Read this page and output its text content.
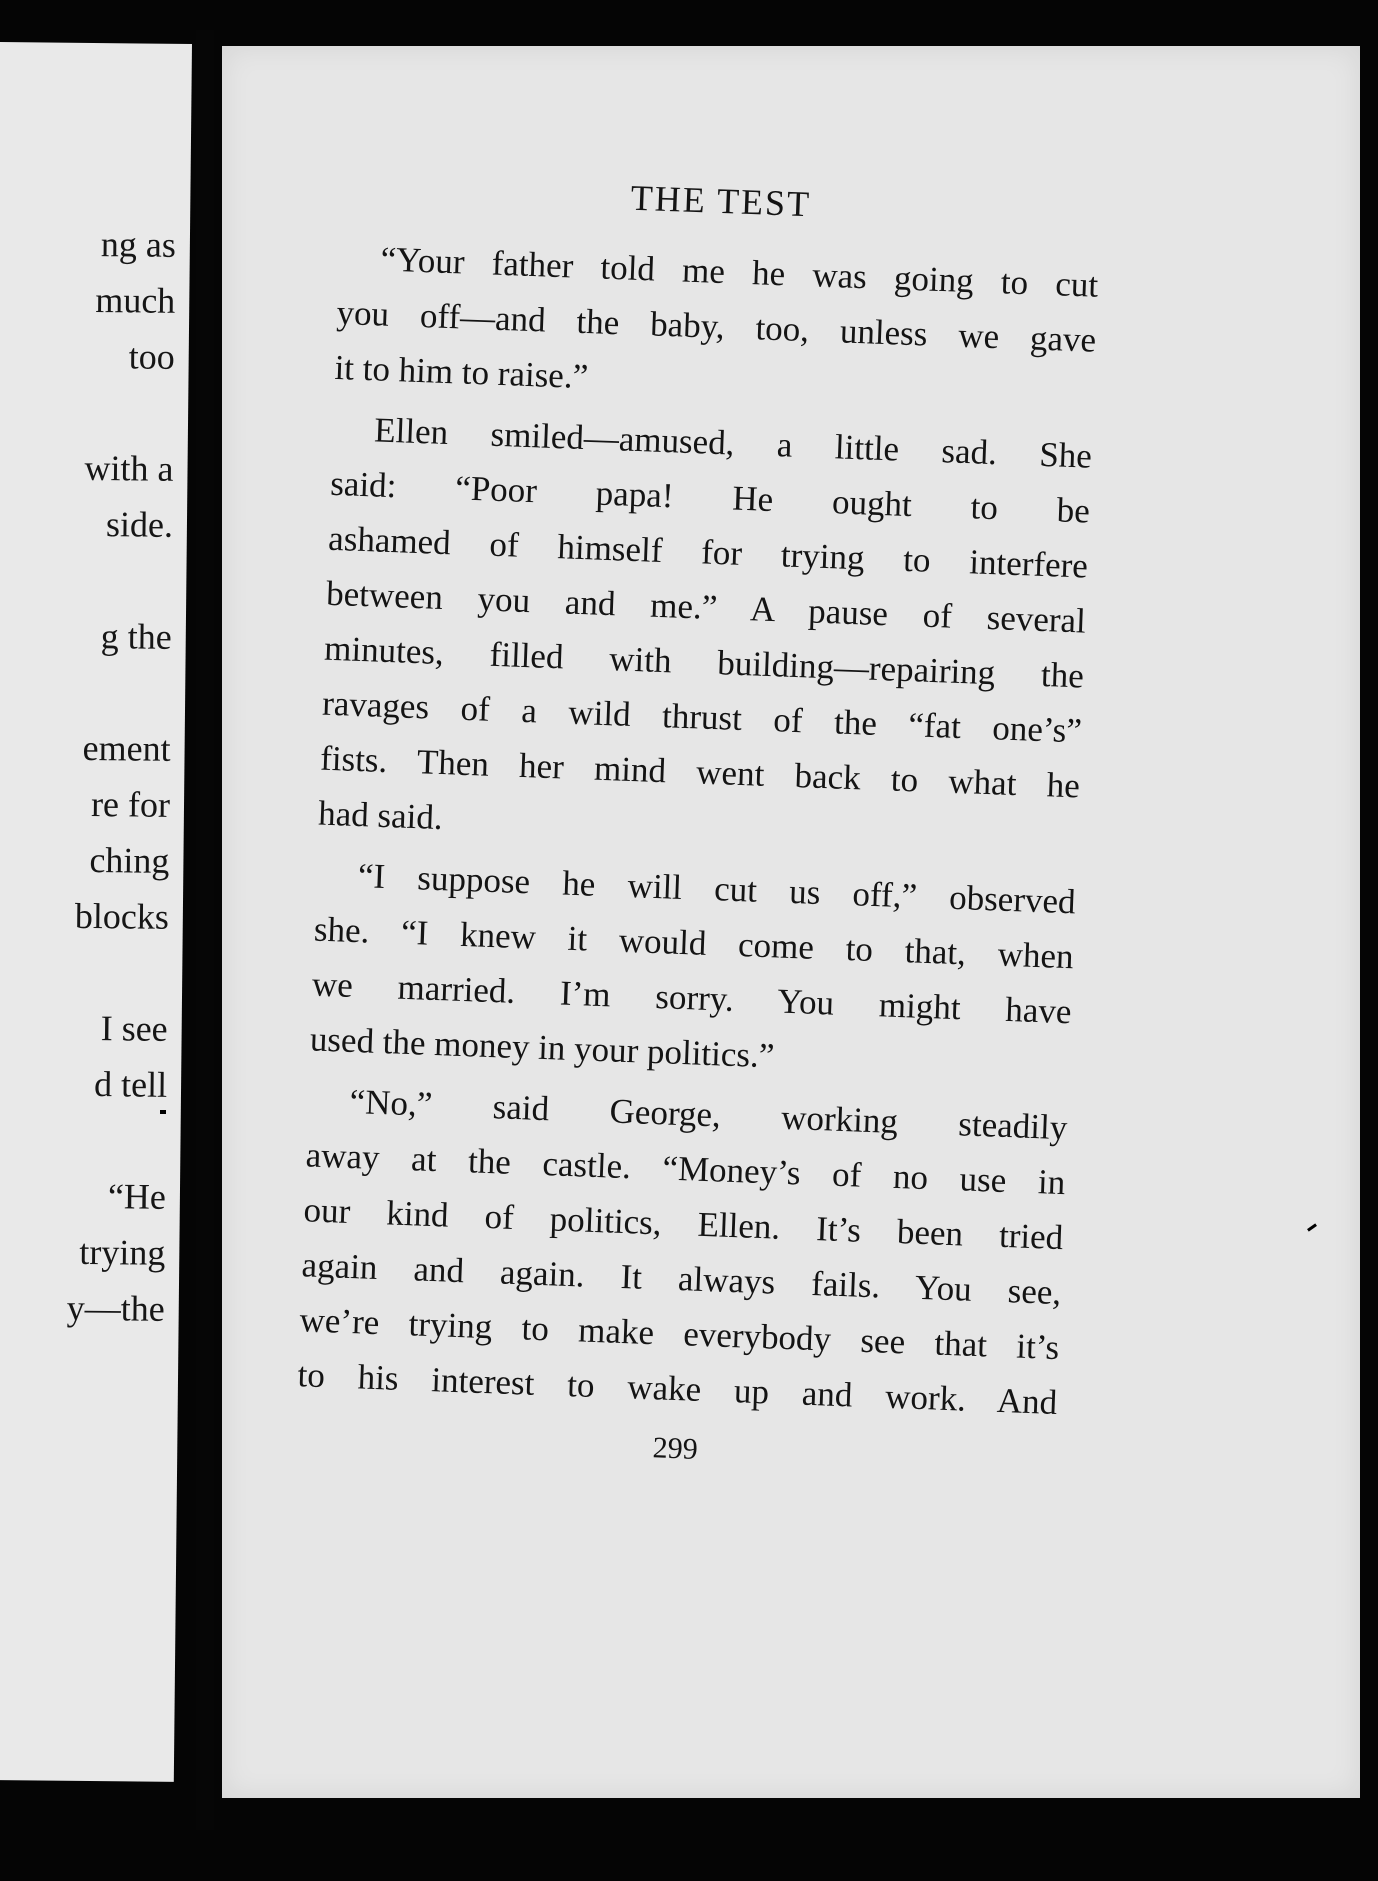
ng as
much
too
with a
side.
g the
ement
re for
ching
blocks
I see
d tell
“He
trying
y—the
THE TEST

“Your father told me he was going to cut
you off—and the baby, too, unless we gave
it to him to raise.”

Ellen smiled—amused, a little sad. She
said: “Poor papa! He ought to be
ashamed of himself for trying to interfere
between you and me.” A pause of several
minutes, filled with building—repairing the
ravages of a wild thrust of the “fat one’s”
fists. Then her mind went back to what he
had said.

“I suppose he will cut us off,” observed
she. “I knew it would come to that, when
we married. I’m sorry. You might have
used the money in your politics.”

“No,” said George, working steadily
away at the castle. “Money’s of no use in
our kind of politics, Ellen. It’s been tried
again and again. It always fails. You see,
we’re trying to make everybody see that it’s
to his interest to wake up and work. And

299
